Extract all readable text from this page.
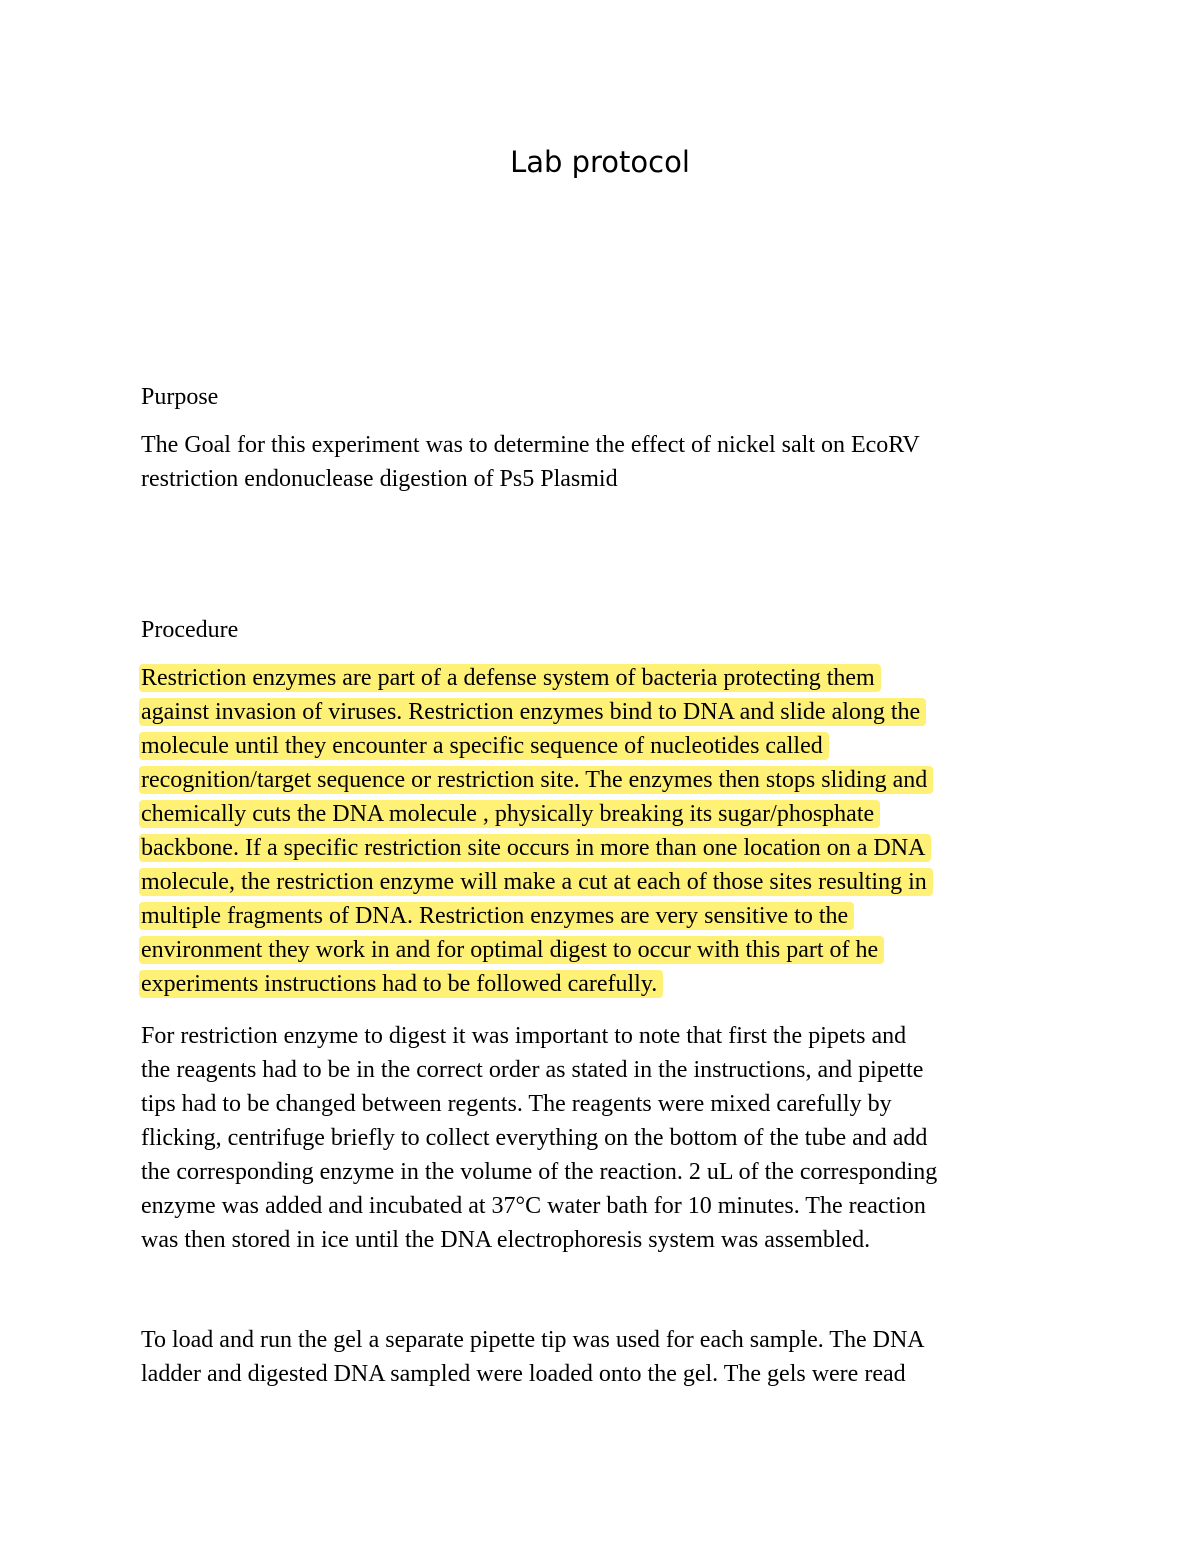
Lab protocol

Purpose

The Goal for this experiment was to determine the effect of nickel salt on EcoRV
restriction endonuclease digestion of Ps5 Plasmid

Procedure

Restriction enzymes are part of a defense system of bacteria protecting them
against invasion of viruses. Restriction enzymes bind to DNA and slide along the
molecule until they encounter a specific sequence of nucleotides called
recognition/target sequence or restriction site. The enzymes then stops sliding and
chemically cuts the DNA molecule , physically breaking its sugar/phosphate
backbone. If a specific restriction site occurs in more than one location on a DNA
molecule, the restriction enzyme will make a cut at each of those sites resulting in
multiple fragments of DNA. Restriction enzymes are very sensitive to the
environment they work in and for optimal digest to occur with this part of he
experiments instructions had to be followed carefully.
For restriction enzyme to digest it was important to note that first the pipets and
the reagents had to be in the correct order as stated in the instructions, and pipette
tips had to be changed between regents. The reagents were mixed carefully by
flicking, centrifuge briefly to collect everything on the bottom of the tube and add
the corresponding enzyme in the volume of the reaction. 2 uL of the corresponding
enzyme was added and incubated at 37°C water bath for 10 minutes. The reaction
was then stored in ice until the DNA electrophoresis system was assembled.
To load and run the gel a separate pipette tip was used for each sample. The DNA
ladder and digested DNA sampled were loaded onto the gel. The gels were read
